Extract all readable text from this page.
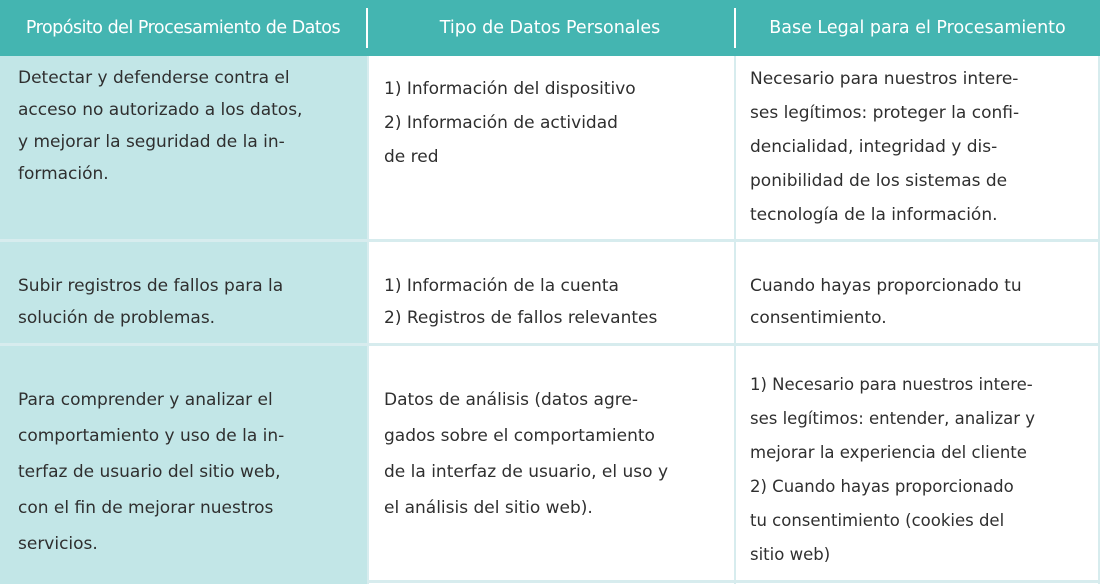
Propósito del Procesamiento de Datos	Tipo de Datos Personales	Base Legal para el Procesamiento
Detectar y defenderse contra el
acceso no autorizado a los datos,
y mejorar la seguridad de la in-
formación.
1) Información del dispositivo
2) Información de actividad
de red
Necesario para nuestros intere-
ses legítimos: proteger la confi-
dencialidad, integridad y dis-
ponibilidad de los sistemas de
tecnología de la información.
Subir registros de fallos para la
solución de problemas.
1) Información de la cuenta
2) Registros de fallos relevantes
Cuando hayas proporcionado tu
consentimiento.
Para comprender y analizar el
comportamiento y uso de la in-
terfaz de usuario del sitio web,
con el fin de mejorar nuestros
servicios.
Datos de análisis (datos agre-
gados sobre el comportamiento
de la interfaz de usuario, el uso y
el análisis del sitio web).
1) Necesario para nuestros intere-
ses legítimos: entender, analizar y
mejorar la experiencia del cliente
2) Cuando hayas proporcionado
tu consentimiento (cookies del
sitio web)
